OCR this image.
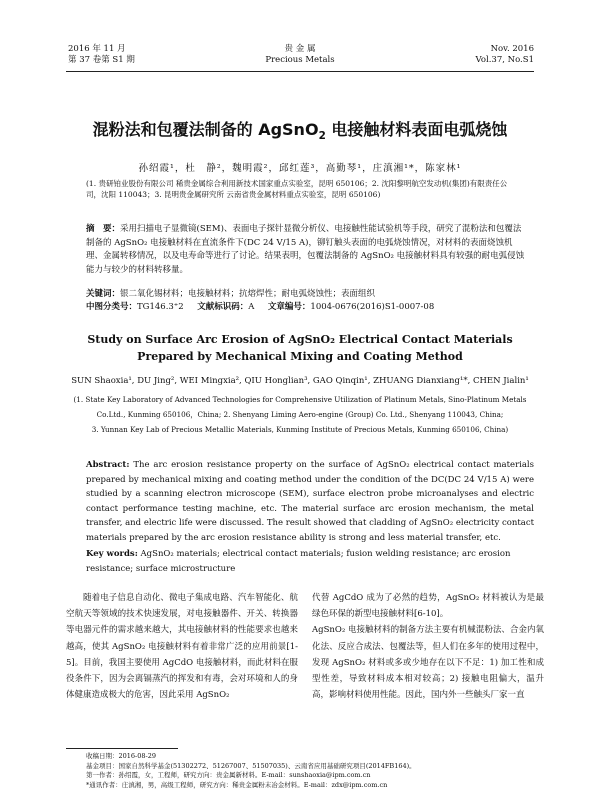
2016 年 11 月
第 37 卷第 S1 期
贵 金 属
Precious Metals
Nov. 2016
Vol.37, No.S1
混粉法和包覆法制备的 AgSnO$_2$ 电接触材料表面电弧烧蚀
孙绍霞¹，杜　静²，魏明霞²，邱红莲³，高勤琴¹，庄滇湘¹*，陈家林¹
(1. 贵研铂业股份有限公司 稀贵金属综合利用新技术国家重点实验室，昆明 650106；2. 沈阳黎明航空发动机(集团)有限责任公司，沈阳 110043；3. 昆明贵金属研究所 云南省贵金属材料重点实验室，昆明 650106)
摘　要：采用扫描电子显微镜(SEM)、表面电子探针显微分析仪、电接触性能试验机等手段，研究了混粉法和包覆法制备的 AgSnO₂ 电接触材料在直流条件下(DC 24 V/15 A)，铆钉触头表面的电弧烧蚀情况，对材料的表面烧蚀机理、金属转移情况，以及电寿命等进行了讨论。结果表明，包覆法制备的 AgSnO₂ 电接触材料具有较强的耐电弧侵蚀能力与较少的材料转移量。
关键词：银二氧化锡材料；电接触材料；抗熔焊性；耐电弧烧蚀性；表面组织
中图分类号：TG146.3⁺2 文献标识码：A 文章编号：1004-0676(2016)S1-0007-08
Study on Surface Arc Erosion of AgSnO₂ Electrical Contact Materials
Prepared by Mechanical Mixing and Coating Method
SUN Shaoxia¹, DU Jing², WEI Mingxia², QIU Honglian³, GAO Qinqin¹, ZHUANG Dianxiang¹*, CHEN Jialin¹
(1. State Key Laboratory of Advanced Technologies for Comprehensive Utilization of Platinum Metals, Sino-Platinum Metals
Co.Ltd., Kunming 650106，China; 2. Shenyang Liming Aero-engine (Group) Co. Ltd., Shenyang 110043, China;
3. Yunnan Key Lab of Precious Metallic Materials, Kunming Institute of Precious Metals, Kunming 650106, China)
Abstract: The arc erosion resistance property on the surface of AgSnO₂ electrical contact materials prepared by mechanical mixing and coating method under the condition of the DC(DC 24 V/15 A) were studied by a scanning electron microscope (SEM), surface electron probe microanalyses and electric contact performance testing machine, etc. The material surface arc erosion mechanism, the metal transfer, and electric life were discussed. The result showed that cladding of AgSnO₂ electricity contact materials prepared by the arc erosion resistance ability is strong and less material transfer, etc.
Key words: AgSnO₂ materials; electrical contact materials; fusion welding resistance; arc erosion resistance; surface microstructure

随着电子信息自动化、微电子集成电路、汽车智能化、航空航天等领域的技术快速发展，对电接触器件、开关、转换器等电器元件的需求越来越大，其电接触材料的性能要求也越来越高，使其 AgSnO₂ 电接触材料有着非常广泛的应用前景[1-5]。目前，我国主要使用 AgCdO 电接触材料，而此材料在服役条件下，因为会离镉蒸汽的挥发和有毒，会对环境和人的身体健康造成极大的危害，因此采用 AgSnO₂

代替 AgCdO 成为了必然的趋势，AgSnO₂ 材料被认为是最绿色环保的新型电接触材料[6-10]。
AgSnO₂ 电接触材料的制备方法主要有机械混粉法、合金内氧化法、反应合成法、包覆法等，但人们在多年的使用过程中，发现 AgSnO₂ 材料或多或少地存在以下不足：1) 加工性和成型性差，导致材料成本相对较高；2) 接触电阻偏大，温升高，影响材料使用性能。因此，国内外一些触头厂家一直

收稿日期：2016-08-29
基金项目：国家自然科学基金(51302272、51267007、51507035)、云南省应用基础研究项目(2014FB164)。
第一作者：孙绍霞，女，工程师，研究方向：贵金属新材料。E-mail：sunshaoxia@ipm.com.cn
*通讯作者：庄滇湘，男，高级工程师，研究方向：稀贵金属粉末冶金材料。E-mail：zdx@ipm.com.cn
